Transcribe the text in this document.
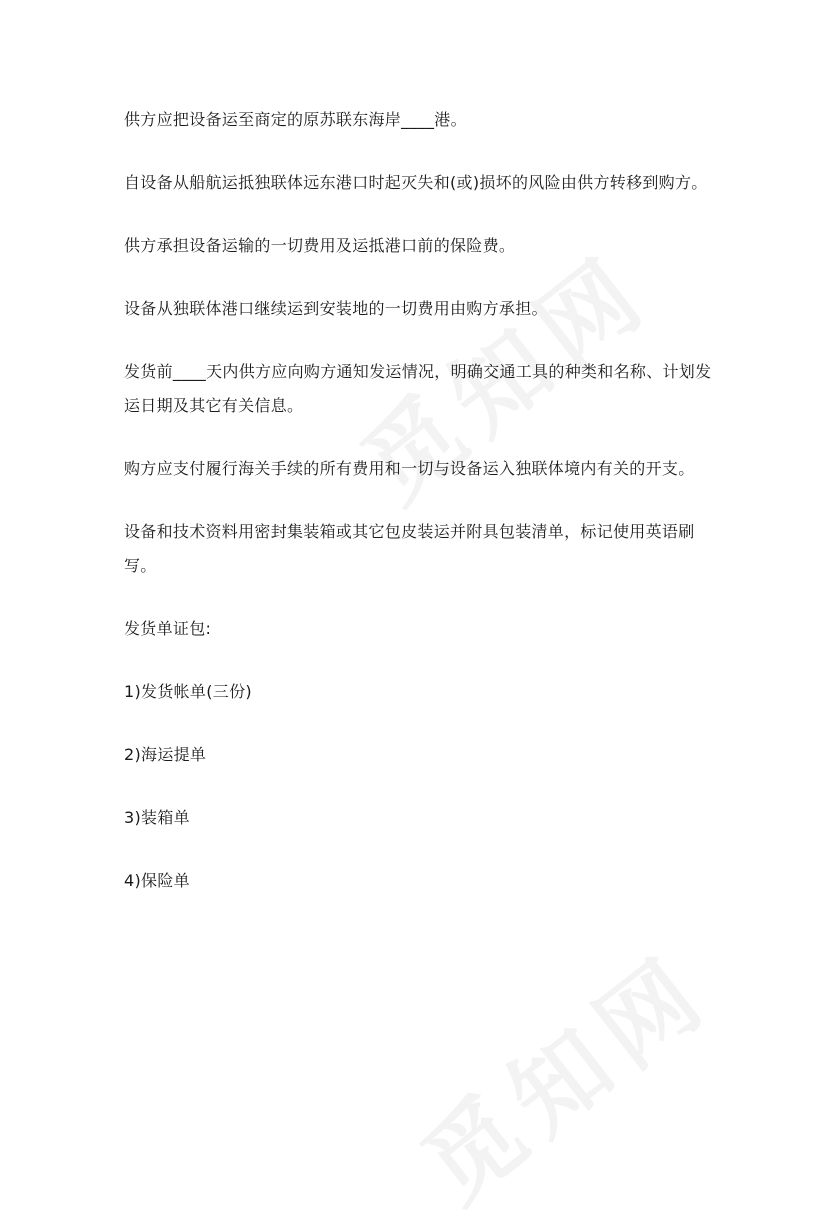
供方应把设备运至商定的原苏联东海岸____港。

自设备从船航运抵独联体远东港口时起灭失和(或)损坏的风险由供方转移到购方。

供方承担设备运输的一切费用及运抵港口前的保险费。

设备从独联体港口继续运到安装地的一切费用由购方承担。

发货前____天内供方应向购方通知发运情况，明确交通工具的种类和名称、计划发运日期及其它有关信息。

购方应支付履行海关手续的所有费用和一切与设备运入独联体境内有关的开支。

设备和技术资料用密封集装箱或其它包皮装运并附具包装清单，标记使用英语刷写。

发货单证包:

1)发货帐单(三份)

2)海运提单

3)装箱单

4)保险单
